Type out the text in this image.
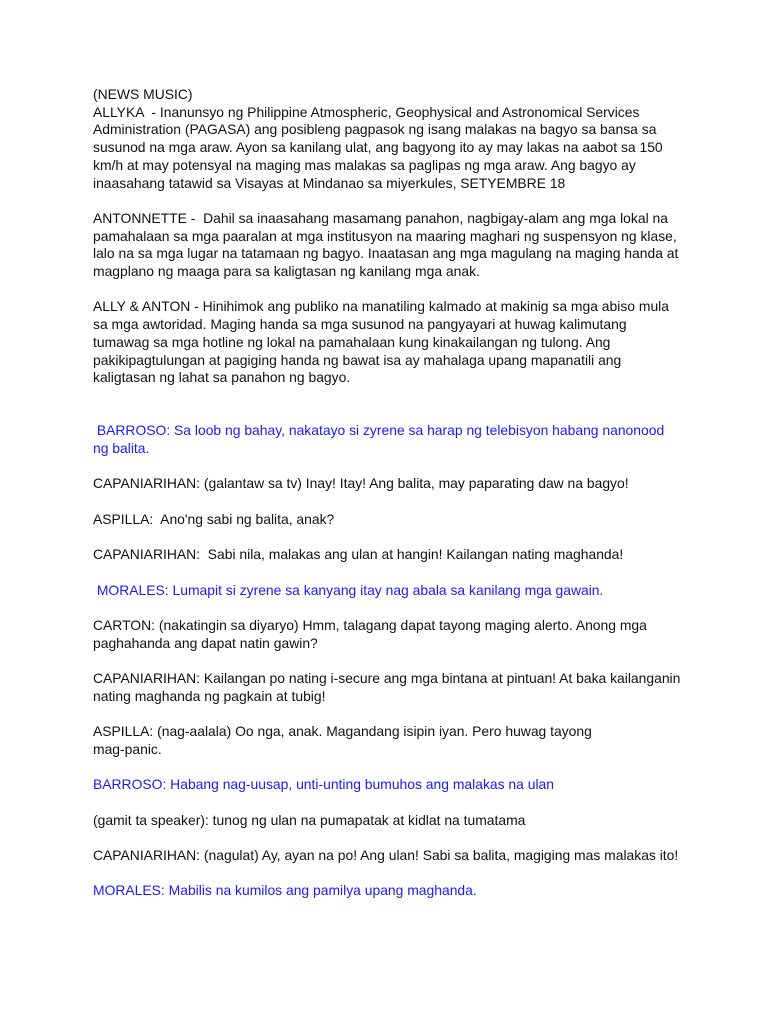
(NEWS MUSIC)
ALLYKA  - Inanunsyo ng Philippine Atmospheric, Geophysical and Astronomical Services Administration (PAGASA) ang posibleng pagpasok ng isang malakas na bagyo sa bansa sa susunod na mga araw. Ayon sa kanilang ulat, ang bagyong ito ay may lakas na aabot sa 150 km/h at may potensyal na maging mas malakas sa paglipas ng mga araw. Ang bagyo ay inaasahang tatawid sa Visayas at Mindanao sa miyerkules, SETYEMBRE 18

ANTONNETTE -  Dahil sa inaasahang masamang panahon, nagbigay-alam ang mga lokal na pamahalaan sa mga paaralan at mga institusyon na maaring maghari ng suspensyon ng klase, lalo na sa mga lugar na tatamaan ng bagyo. Inaatasan ang mga magulang na maging handa at magplano ng maaga para sa kaligtasan ng kanilang mga anak.

ALLY & ANTON - Hinihimok ang publiko na manatiling kalmado at makinig sa mga abiso mula sa mga awtoridad. Maging handa sa mga susunod na pangyayari at huwag kalimutang tumawag sa mga hotline ng lokal na pamahalaan kung kinakailangan ng tulong. Ang pakikipagtulungan at pagiging handa ng bawat isa ay mahalaga upang mapanatili ang kaligtasan ng lahat sa panahon ng bagyo.

BARROSO: Sa loob ng bahay, nakatayo si zyrene sa harap ng telebisyon habang nanonood ng balita.

CAPANIARIHAN: (galantaw sa tv) Inay! Itay! Ang balita, may paparating daw na bagyo!

ASPILLA:  Ano'ng sabi ng balita, anak?

CAPANIARIHAN:  Sabi nila, malakas ang ulan at hangin! Kailangan nating maghanda!

MORALES: Lumapit si zyrene sa kanyang itay nag abala sa kanilang mga gawain.

CARTON: (nakatingin sa diyaryo) Hmm, talagang dapat tayong maging alerto. Anong mga paghahanda ang dapat natin gawin?

CAPANIARIHAN: Kailangan po nating i-secure ang mga bintana at pintuan! At baka kailanganin nating maghanda ng pagkain at tubig!

ASPILLA: (nag-aalala) Oo nga, anak. Magandang isipin iyan. Pero huwag tayong
mag-panic.

BARROSO: Habang nag-uusap, unti-unting bumuhos ang malakas na ulan

(gamit ta speaker): tunog ng ulan na pumapatak at kidlat na tumatama

CAPANIARIHAN: (nagulat) Ay, ayan na po! Ang ulan! Sabi sa balita, magiging mas malakas ito!

MORALES: Mabilis na kumilos ang pamilya upang maghanda.
